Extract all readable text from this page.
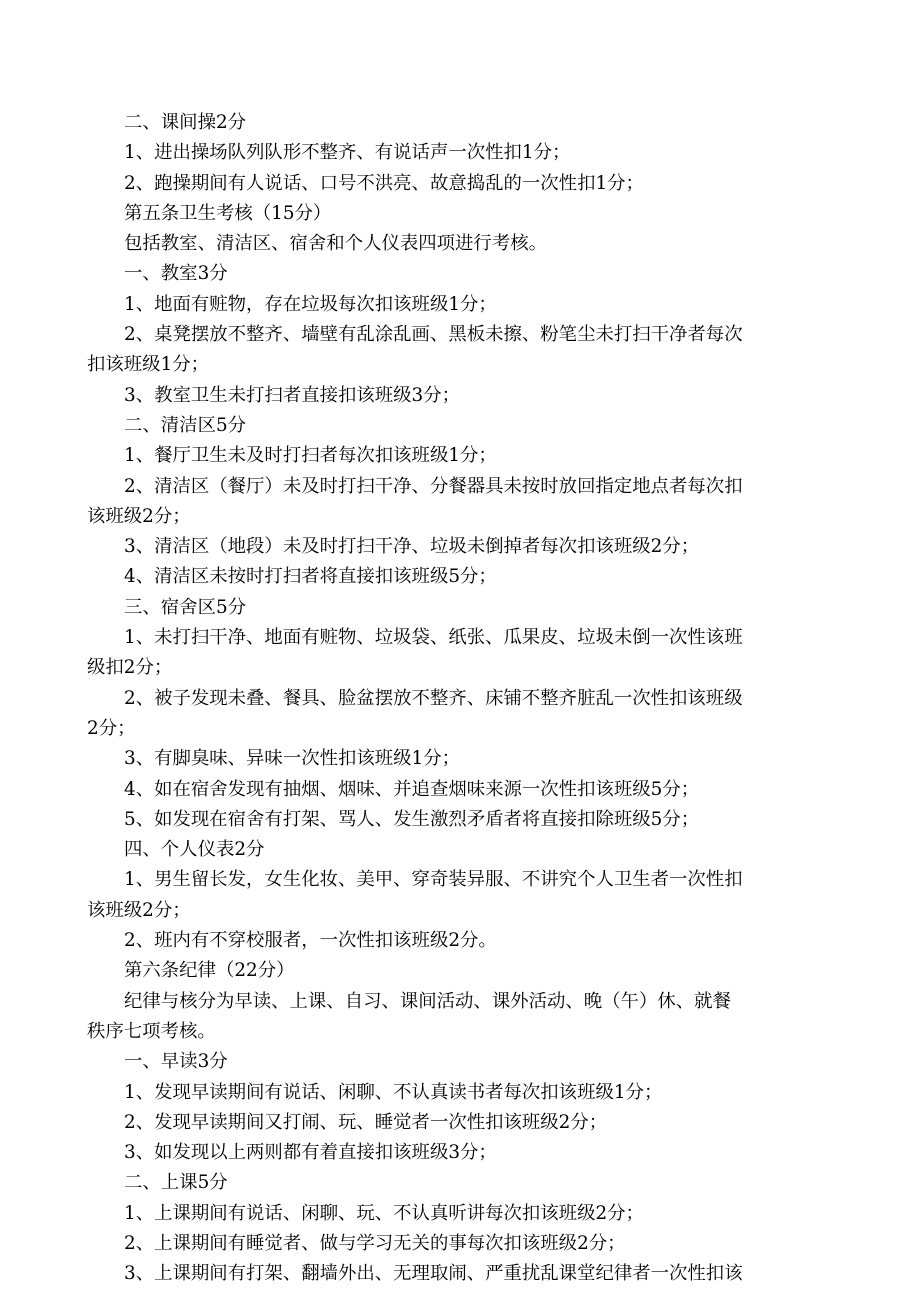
二、课间操2分
1、进出操场队列队形不整齐、有说话声一次性扣1分；
2、跑操期间有人说话、口号不洪亮、故意捣乱的一次性扣1分；
第五条卫生考核（15分）
包括教室、清洁区、宿舍和个人仪表四项进行考核。
一、教室3分
1、地面有赃物，存在垃圾每次扣该班级1分；
2、桌凳摆放不整齐、墙壁有乱涂乱画、黑板未擦、粉笔尘未打扫干净者每次
扣该班级1分；
3、教室卫生未打扫者直接扣该班级3分；
二、清洁区5分
1、餐厅卫生未及时打扫者每次扣该班级1分；
2、清洁区（餐厅）未及时打扫干净、分餐器具未按时放回指定地点者每次扣
该班级2分；
3、清洁区（地段）未及时打扫干净、垃圾未倒掉者每次扣该班级2分；
4、清洁区未按时打扫者将直接扣该班级5分；
三、宿舍区5分
1、未打扫干净、地面有赃物、垃圾袋、纸张、瓜果皮、垃圾未倒一次性该班
级扣2分；
2、被子发现未叠、餐具、脸盆摆放不整齐、床铺不整齐脏乱一次性扣该班级
2分；
3、有脚臭味、异味一次性扣该班级1分；
4、如在宿舍发现有抽烟、烟味、并追查烟味来源一次性扣该班级5分；
5、如发现在宿舍有打架、骂人、发生激烈矛盾者将直接扣除班级5分；
四、个人仪表2分
1、男生留长发，女生化妆、美甲、穿奇装异服、不讲究个人卫生者一次性扣
该班级2分；
2、班内有不穿校服者，一次性扣该班级2分。
第六条纪律（22分）
纪律与核分为早读、上课、自习、课间活动、课外活动、晚（午）休、就餐
秩序七项考核。
一、早读3分
1、发现早读期间有说话、闲聊、不认真读书者每次扣该班级1分；
2、发现早读期间又打闹、玩、睡觉者一次性扣该班级2分；
3、如发现以上两则都有着直接扣该班级3分；
二、上课5分
1、上课期间有说话、闲聊、玩、不认真听讲每次扣该班级2分；
2、上课期间有睡觉者、做与学习无关的事每次扣该班级2分；
3、上课期间有打架、翻墙外出、无理取闹、严重扰乱课堂纪律者一次性扣该
